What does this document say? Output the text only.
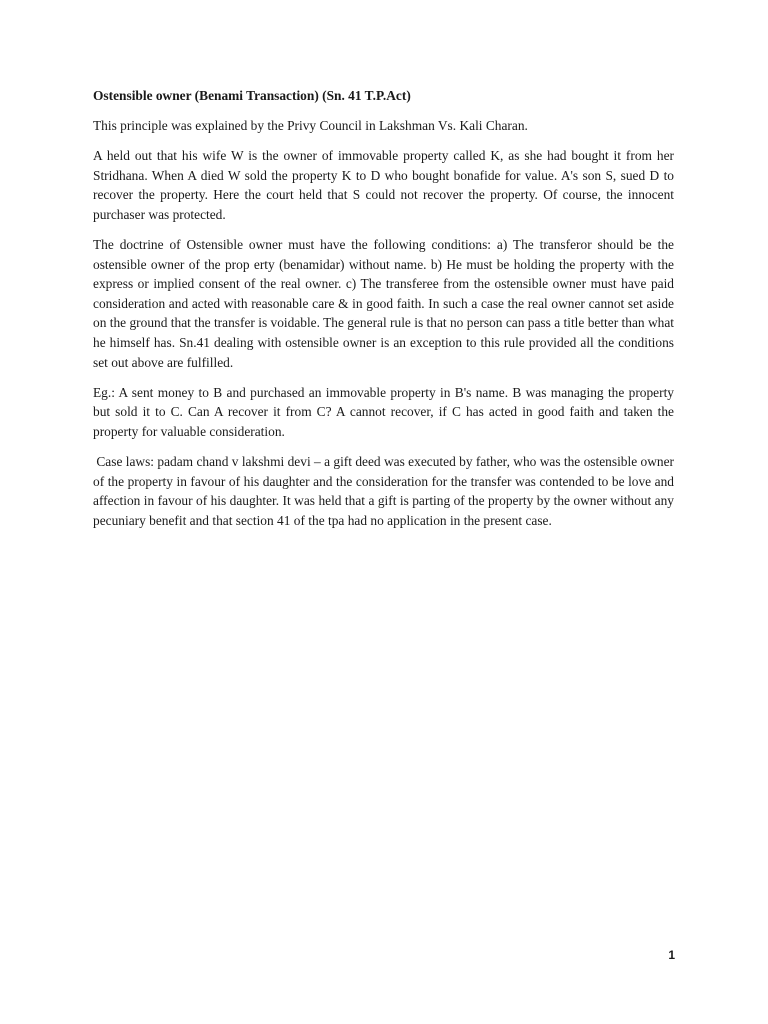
Ostensible owner (Benami Transaction) (Sn. 41 T.P.Act)

This principle was explained by the Privy Council in Lakshman Vs. Kali Charan.

A held out that his wife W is the owner of immovable property called K, as she had bought it from her Stridhana. When A died W sold the property K to D who bought bonafide for value. A's son S, sued D to recover the property. Here the court held that S could not recover the property. Of course, the innocent purchaser was protected.

The doctrine of Ostensible owner must have the following conditions: a) The transferor should be the ostensible owner of the prop erty (benamidar) without name. b) He must be holding the property with the express or implied consent of the real owner. c) The transferee from the ostensible owner must have paid consideration and acted with reasonable care & in good faith. In such a case the real owner cannot set aside on the ground that the transfer is voidable. The general rule is that no person can pass a title better than what he himself has. Sn.41 dealing with ostensible owner is an exception to this rule provided all the conditions set out above are fulfilled.

Eg.: A sent money to B and purchased an immovable property in B's name. B was managing the property but sold it to C. Can A recover it from C? A cannot recover, if C has acted in good faith and taken the property for valuable consideration.

Case laws: padam chand v lakshmi devi – a gift deed was executed by father, who was the ostensible owner of the property in favour of his daughter and the consideration for the transfer was contended to be love and affection in favour of his daughter. It was held that a gift is parting of the property by the owner without any pecuniary benefit and that section 41 of the tpa had no application in the present case.

1
